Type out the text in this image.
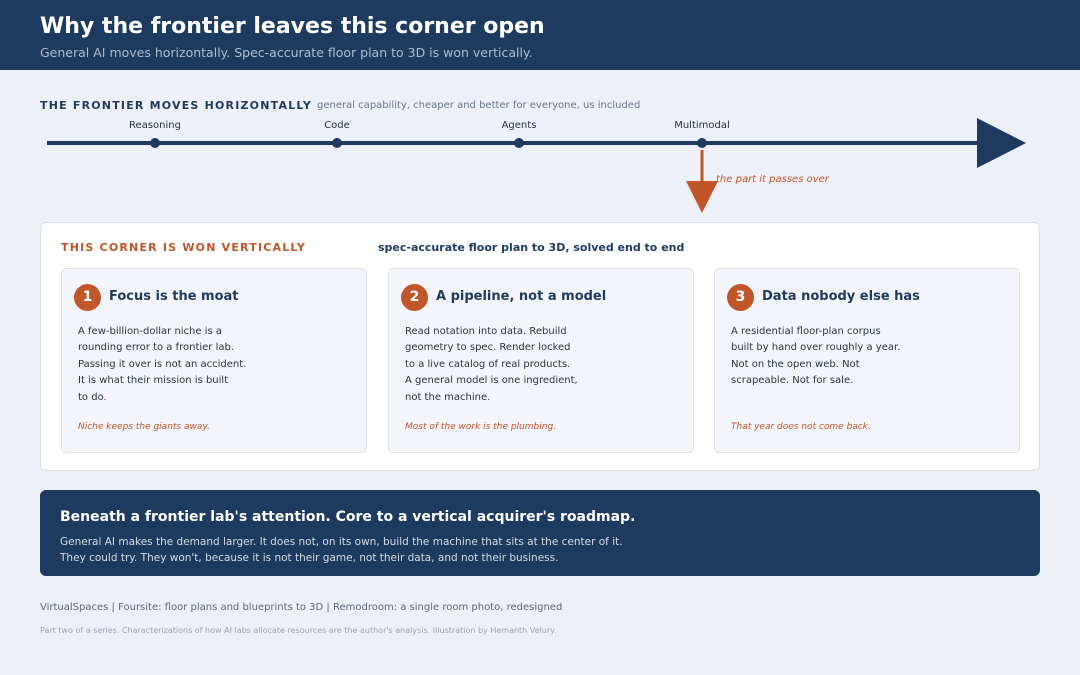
Why the frontier leaves this corner open

General AI moves horizontally. Spec-accurate floor plan to 3D is won vertically.

THE FRONTIER MOVES HORIZONTALLY general capability, cheaper and better for everyone, us included
Reasoning	Code	Agents	Multimodal
the part it passes over
THIS CORNER IS WON VERTICALLY	spec-accurate floor plan to 3D, solved end to end
1	Focus is the moat
A few-billion-dollar niche is a
rounding error to a frontier lab.
Passing it over is not an accident.
It is what their mission is built
to do.
Niche keeps the giants away.
2	A pipeline, not a model
Read notation into data. Rebuild
geometry to spec. Render locked
to a live catalog of real products.
A general model is one ingredient,
not the machine.
Most of the work is the plumbing.
3	Data nobody else has
A residential floor-plan corpus
built by hand over roughly a year.
Not on the open web. Not
scrapeable. Not for sale.
That year does not come back.
Beneath a frontier lab's attention. Core to a vertical acquirer's roadmap.

General AI makes the demand larger. It does not, on its own, build the machine that sits at the center of it.

They could try. They won't, because it is not their game, not their data, and not their business.

VirtualSpaces | Foursite: floor plans and blueprints to 3D | Remodroom: a single room photo, redesigned
Part two of a series. Characterizations of how AI labs allocate resources are the author's analysis. Illustration by Hemanth Velury.
